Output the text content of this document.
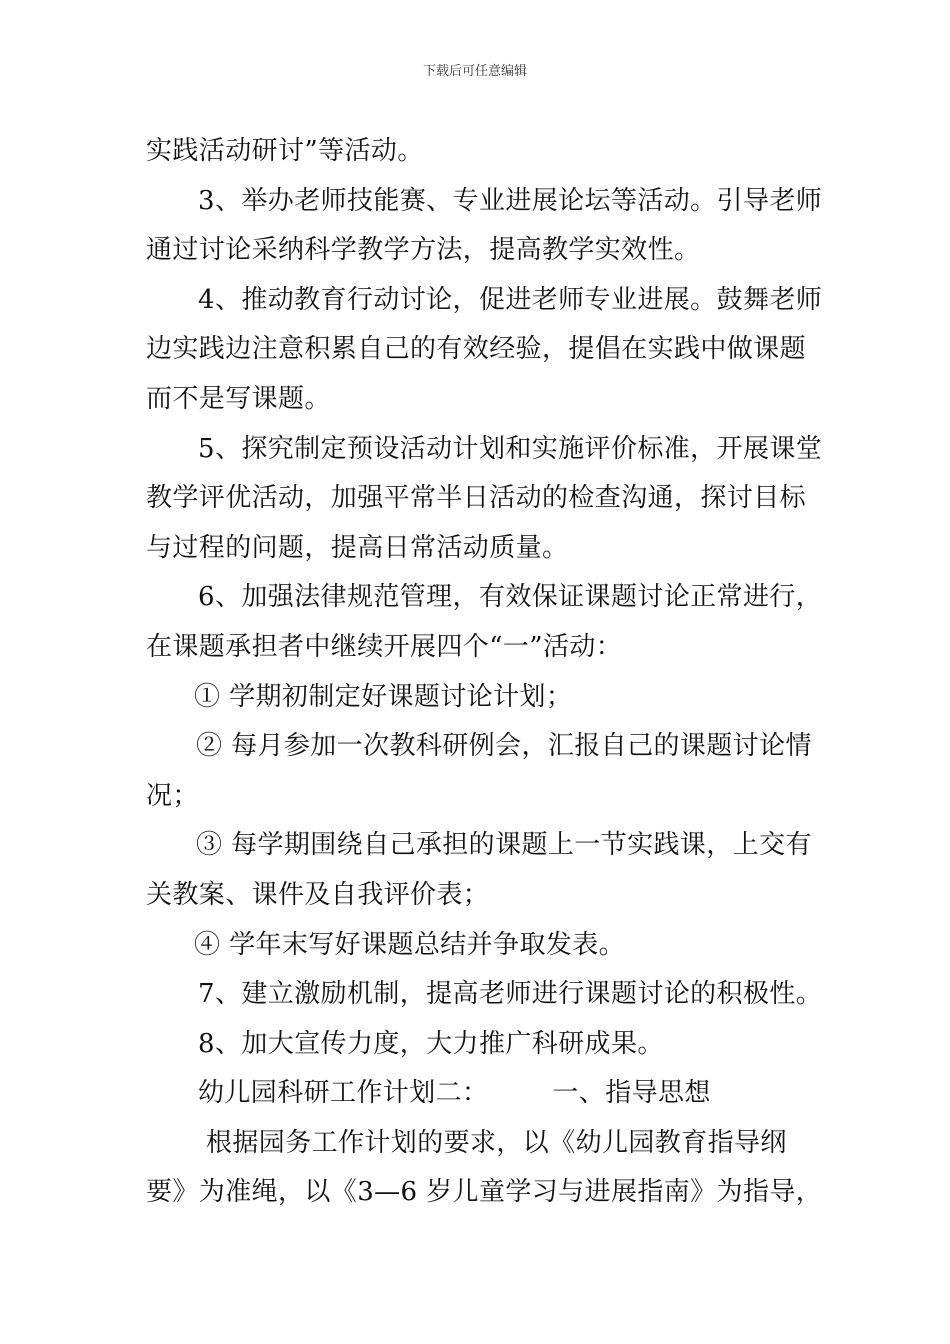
下载后可任意编辑
实践活动研讨”等活动。
3、举办老师技能赛、专业进展论坛等活动。引导老师
通过讨论采纳科学教学方法，提高教学实效性。
4、推动教育行动讨论，促进老师专业进展。鼓舞老师
边实践边注意积累自己的有效经验，提倡在实践中做课题
而不是写课题。
5、探究制定预设活动计划和实施评价标准，开展课堂
教学评优活动，加强平常半日活动的检查沟通，探讨目标
与过程的问题，提高日常活动质量。
6、加强法律规范管理，有效保证课题讨论正常进行，
在课题承担者中继续开展四个“一”活动：
① 学期初制定好课题讨论计划；
② 每月参加一次教科研例会，汇报自己的课题讨论情
况；
③ 每学期围绕自己承担的课题上一节实践课，上交有
关教案、课件及自我评价表；
④ 学年末写好课题总结并争取发表。
7、建立激励机制，提高老师进行课题讨论的积极性。
8、加大宣传力度，大力推广科研成果。
幼儿园科研工作计划二： 一、指导思想
根据园务工作计划的要求，以《幼儿园教育指导纲
要》为准绳，以《3—6 岁儿童学习与进展指南》为指导，
